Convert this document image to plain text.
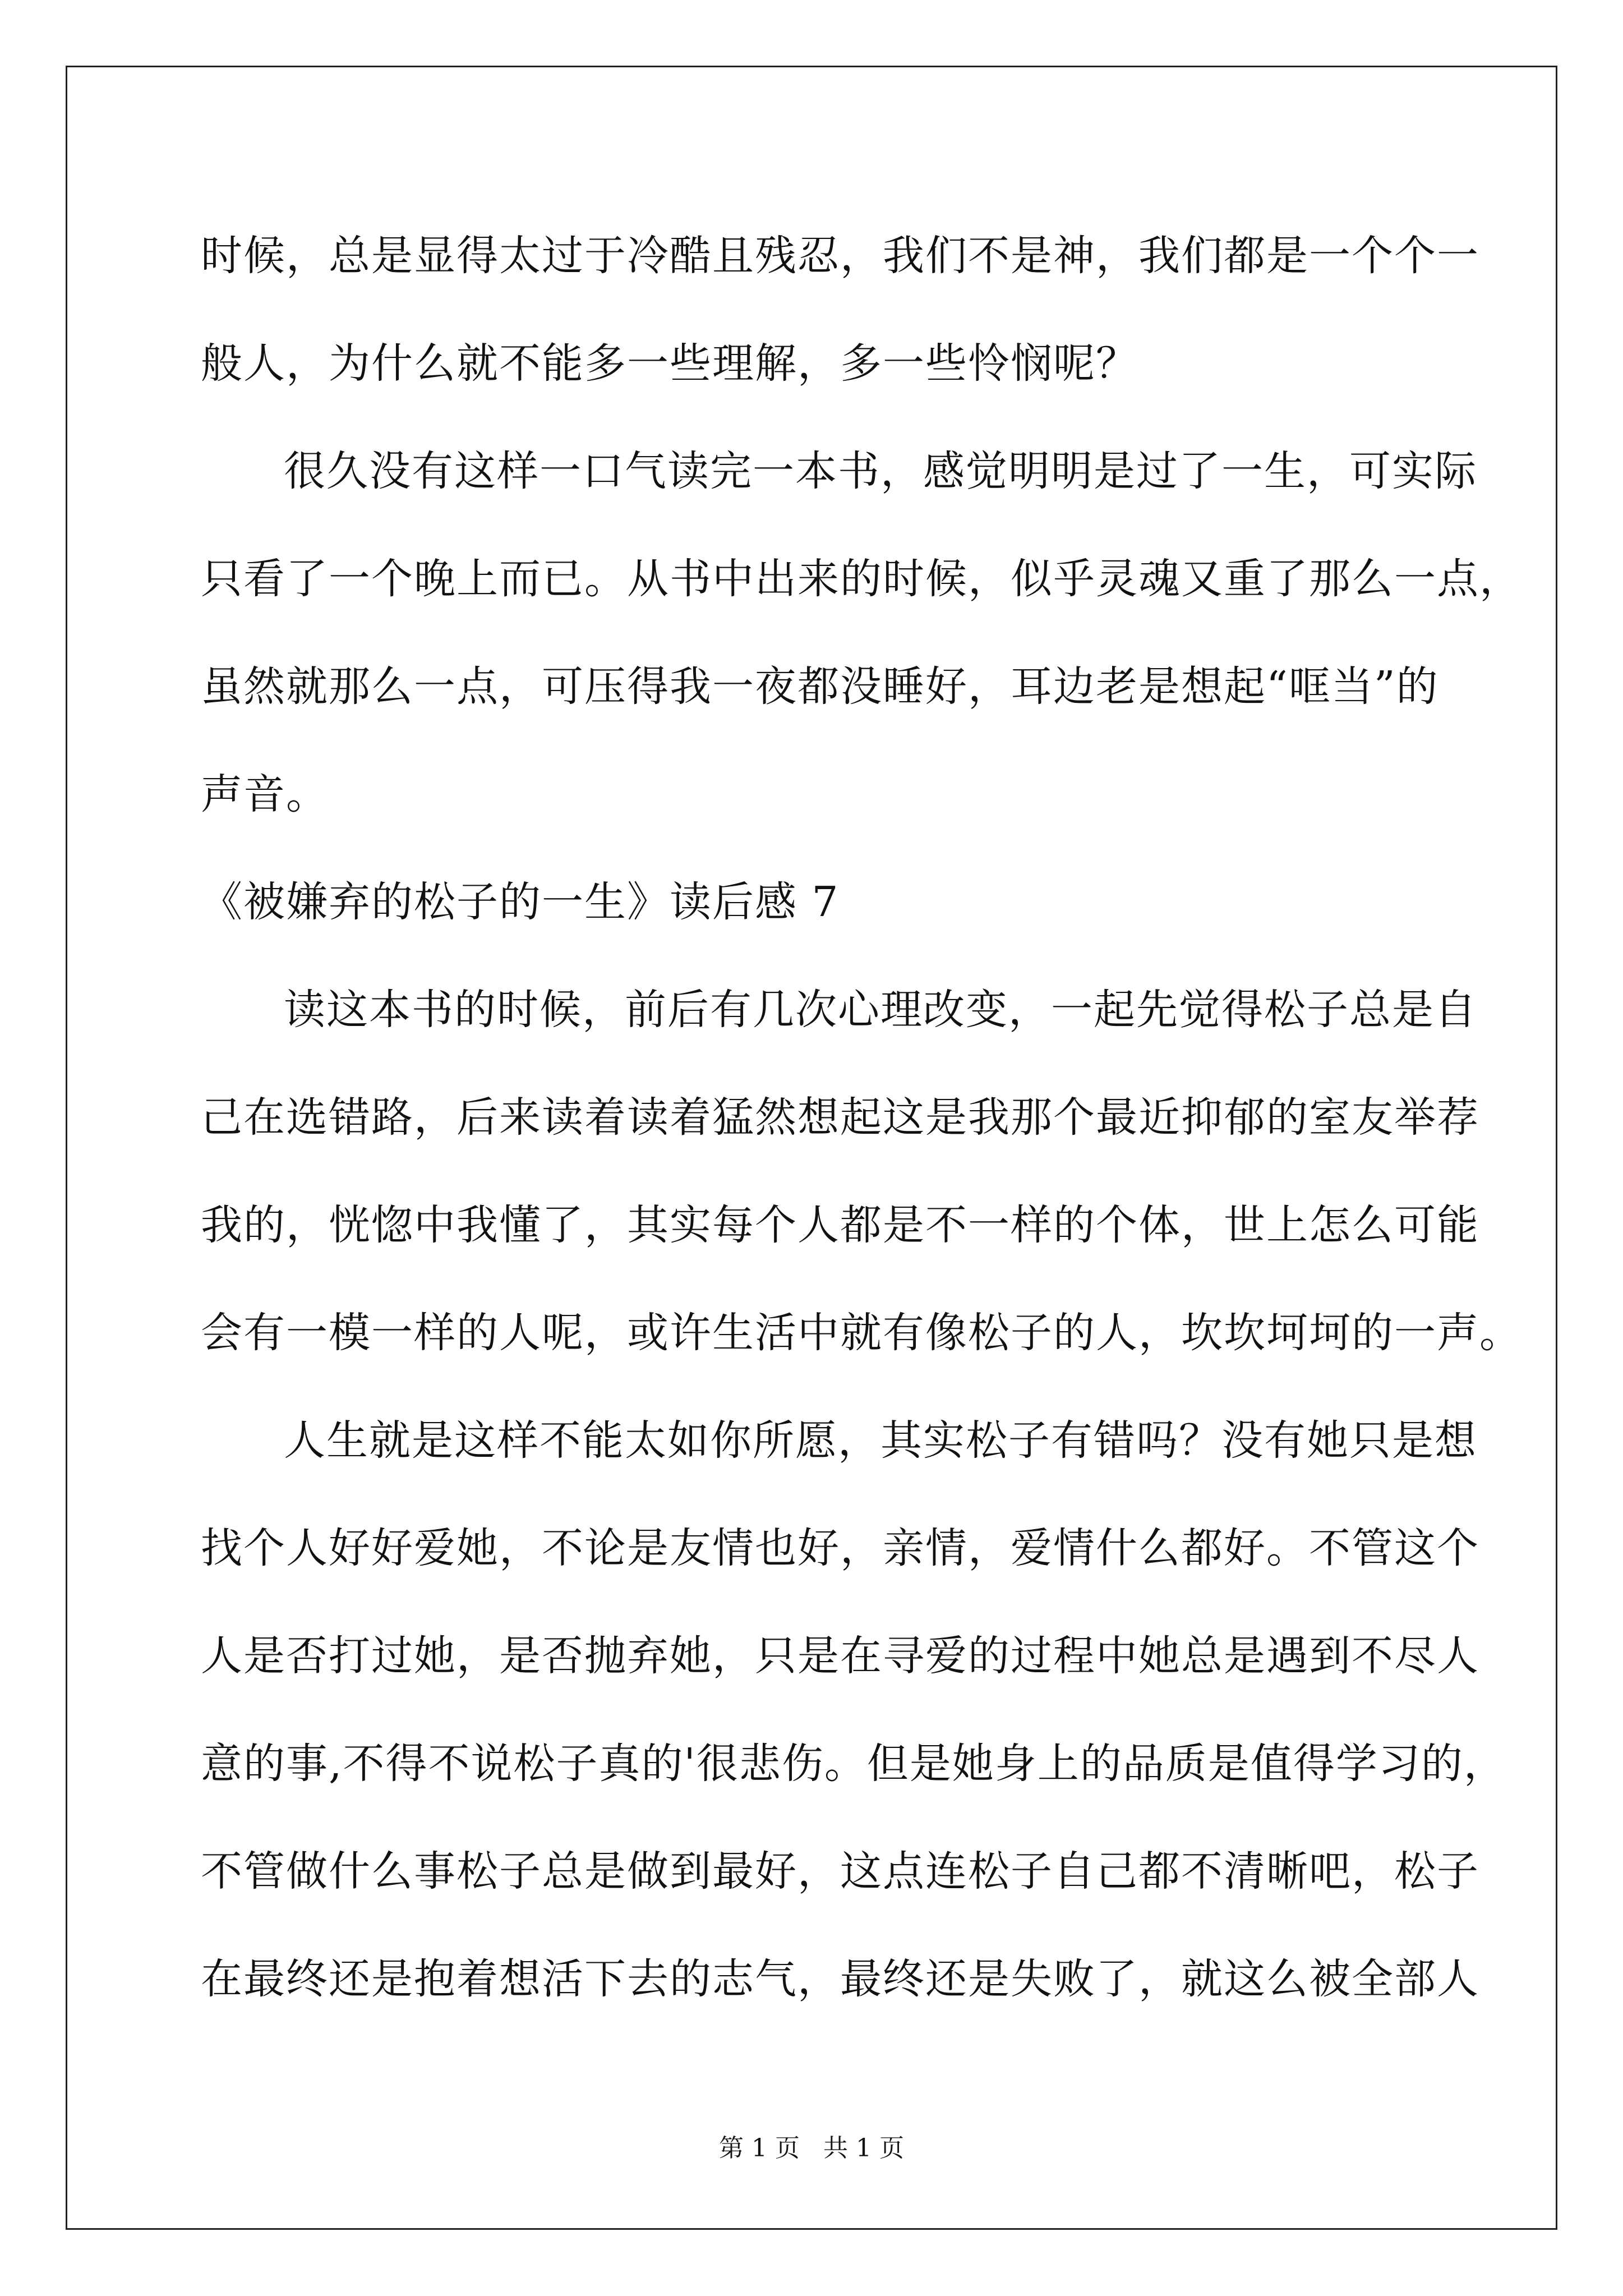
时候，总是显得太过于冷酷且残忍，我们不是神，我们都是一个个一
般人，为什么就不能多一些理解，多一些怜悯呢？
很久没有这样一口气读完一本书，感觉明明是过了一生，可实际
只看了一个晚上而已。从书中出来的时候，似乎灵魂又重了那么一点，
虽然就那么一点，可压得我一夜都没睡好，耳边老是想起“哐当”的
声音。
《被嫌弃的松子的一生》读后感 7
读这本书的时候，前后有几次心理改变，一起先觉得松子总是自
己在选错路，后来读着读着猛然想起这是我那个最近抑郁的室友举荐
我的，恍惚中我懂了，其实每个人都是不一样的个体，世上怎么可能
会有一模一样的人呢，或许生活中就有像松子的人，坎坎坷坷的一声。
人生就是这样不能太如你所愿，其实松子有错吗？没有她只是想
找个人好好爱她，不论是友情也好，亲情，爱情什么都好。不管这个
人是否打过她，是否抛弃她，只是在寻爱的过程中她总是遇到不尽人
意的事,不得不说松子真的'很悲伤。但是她身上的品质是值得学习的，
不管做什么事松子总是做到最好，这点连松子自己都不清晰吧，松子
在最终还是抱着想活下去的志气，最终还是失败了，就这么被全部人
第 1 页   共 1 页
